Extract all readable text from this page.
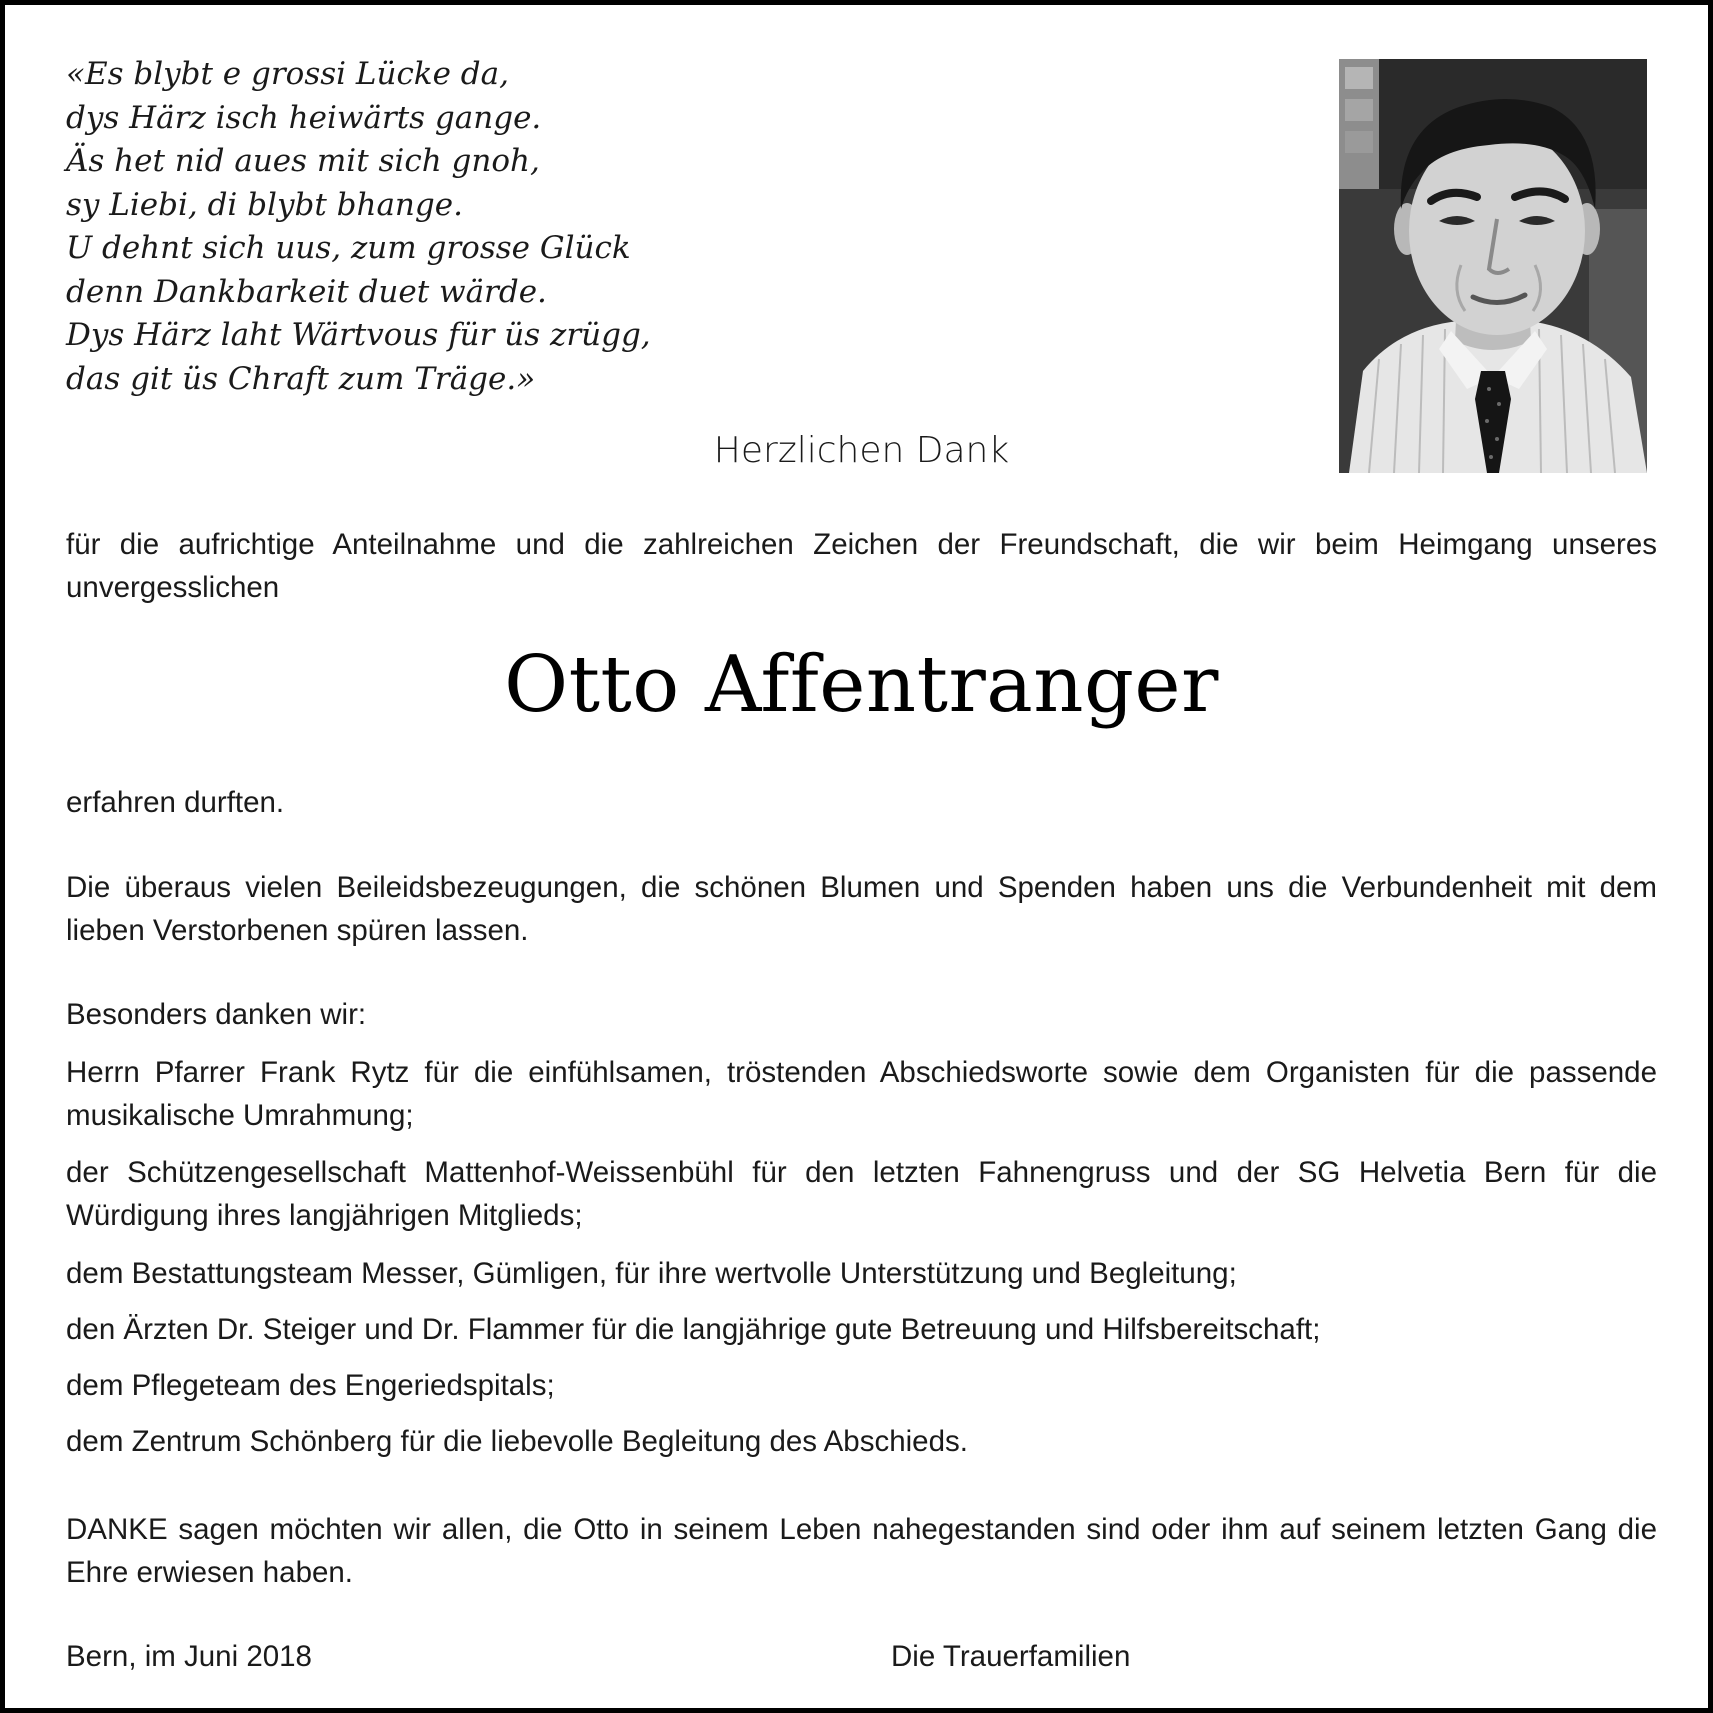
«Es blybt e grossi Lücke da,
dys Härz isch heiwärts gange.
Äs het nid aues mit sich gnoh,
sy Liebi, di blybt bhange.
U dehnt sich uus, zum grosse Glück
denn Dankbarkeit duet wärde.
Dys Härz laht Wärtvous für üs zrügg,
das git üs Chraft zum Träge.»
Herzlichen Dank
für die aufrichtige Anteilnahme und die zahlreichen Zeichen der Freundschaft, die wir beim Heimgang unseres unvergesslichen
Otto Affentranger
erfahren durften.
Die überaus vielen Beileidsbezeugungen, die schönen Blumen und Spenden haben uns die Verbundenheit mit dem lieben Verstorbenen spüren lassen.
Besonders danken wir:
Herrn Pfarrer Frank Rytz für die einfühlsamen, tröstenden Abschiedsworte sowie dem Organisten für die passende musikalische Umrahmung;
der Schützengesellschaft Mattenhof-Weissenbühl für den letzten Fahnengruss und der SG Helvetia Bern für die Würdigung ihres langjährigen Mitglieds;
dem Bestattungsteam Messer, Gümligen, für ihre wertvolle Unterstützung und Begleitung;
den Ärzten Dr. Steiger und Dr. Flammer für die langjährige gute Betreuung und Hilfsbereitschaft;
dem Pflegeteam des Engeriedspitals;
dem Zentrum Schönberg für die liebevolle Begleitung des Abschieds.
DANKE sagen möchten wir allen, die Otto in seinem Leben nahegestanden sind oder ihm auf seinem letzten Gang die Ehre erwiesen haben.
Bern, im Juni 2018	Die Trauerfamilien
